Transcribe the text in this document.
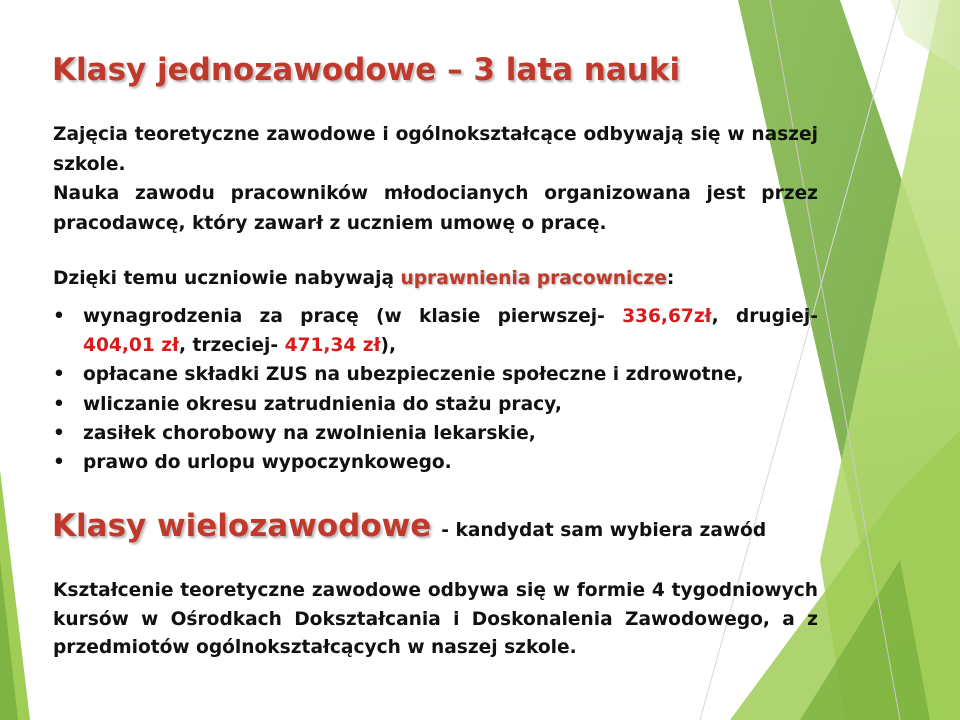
Klasy jednozawodowe – 3 lata nauki
Zajęcia teoretyczne zawodowe i ogólnokształcące odbywają się w naszej szkole.
Nauka zawodu pracowników młodocianych organizowana jest przez pracodawcę, który zawarł z uczniem umowę o pracę.
Dzięki temu uczniowie nabywają uprawnienia pracownicze:
• wynagrodzenia za pracę (w klasie pierwszej- 336,67zł, drugiej- 404,01 zł, trzeciej- 471,34 zł),
• opłacane składki ZUS na ubezpieczenie społeczne i zdrowotne,
• wliczanie okresu zatrudnienia do stażu pracy,
• zasiłek chorobowy na zwolnienia lekarskie,
• prawo do urlopu wypoczynkowego.
Klasy wielozawodowe - kandydat sam wybiera zawód
Kształcenie teoretyczne zawodowe odbywa się w formie 4 tygodniowych kursów w Ośrodkach Dokształcania i Doskonalenia Zawodowego, a z przedmiotów ogólnokształcących w naszej szkole.
